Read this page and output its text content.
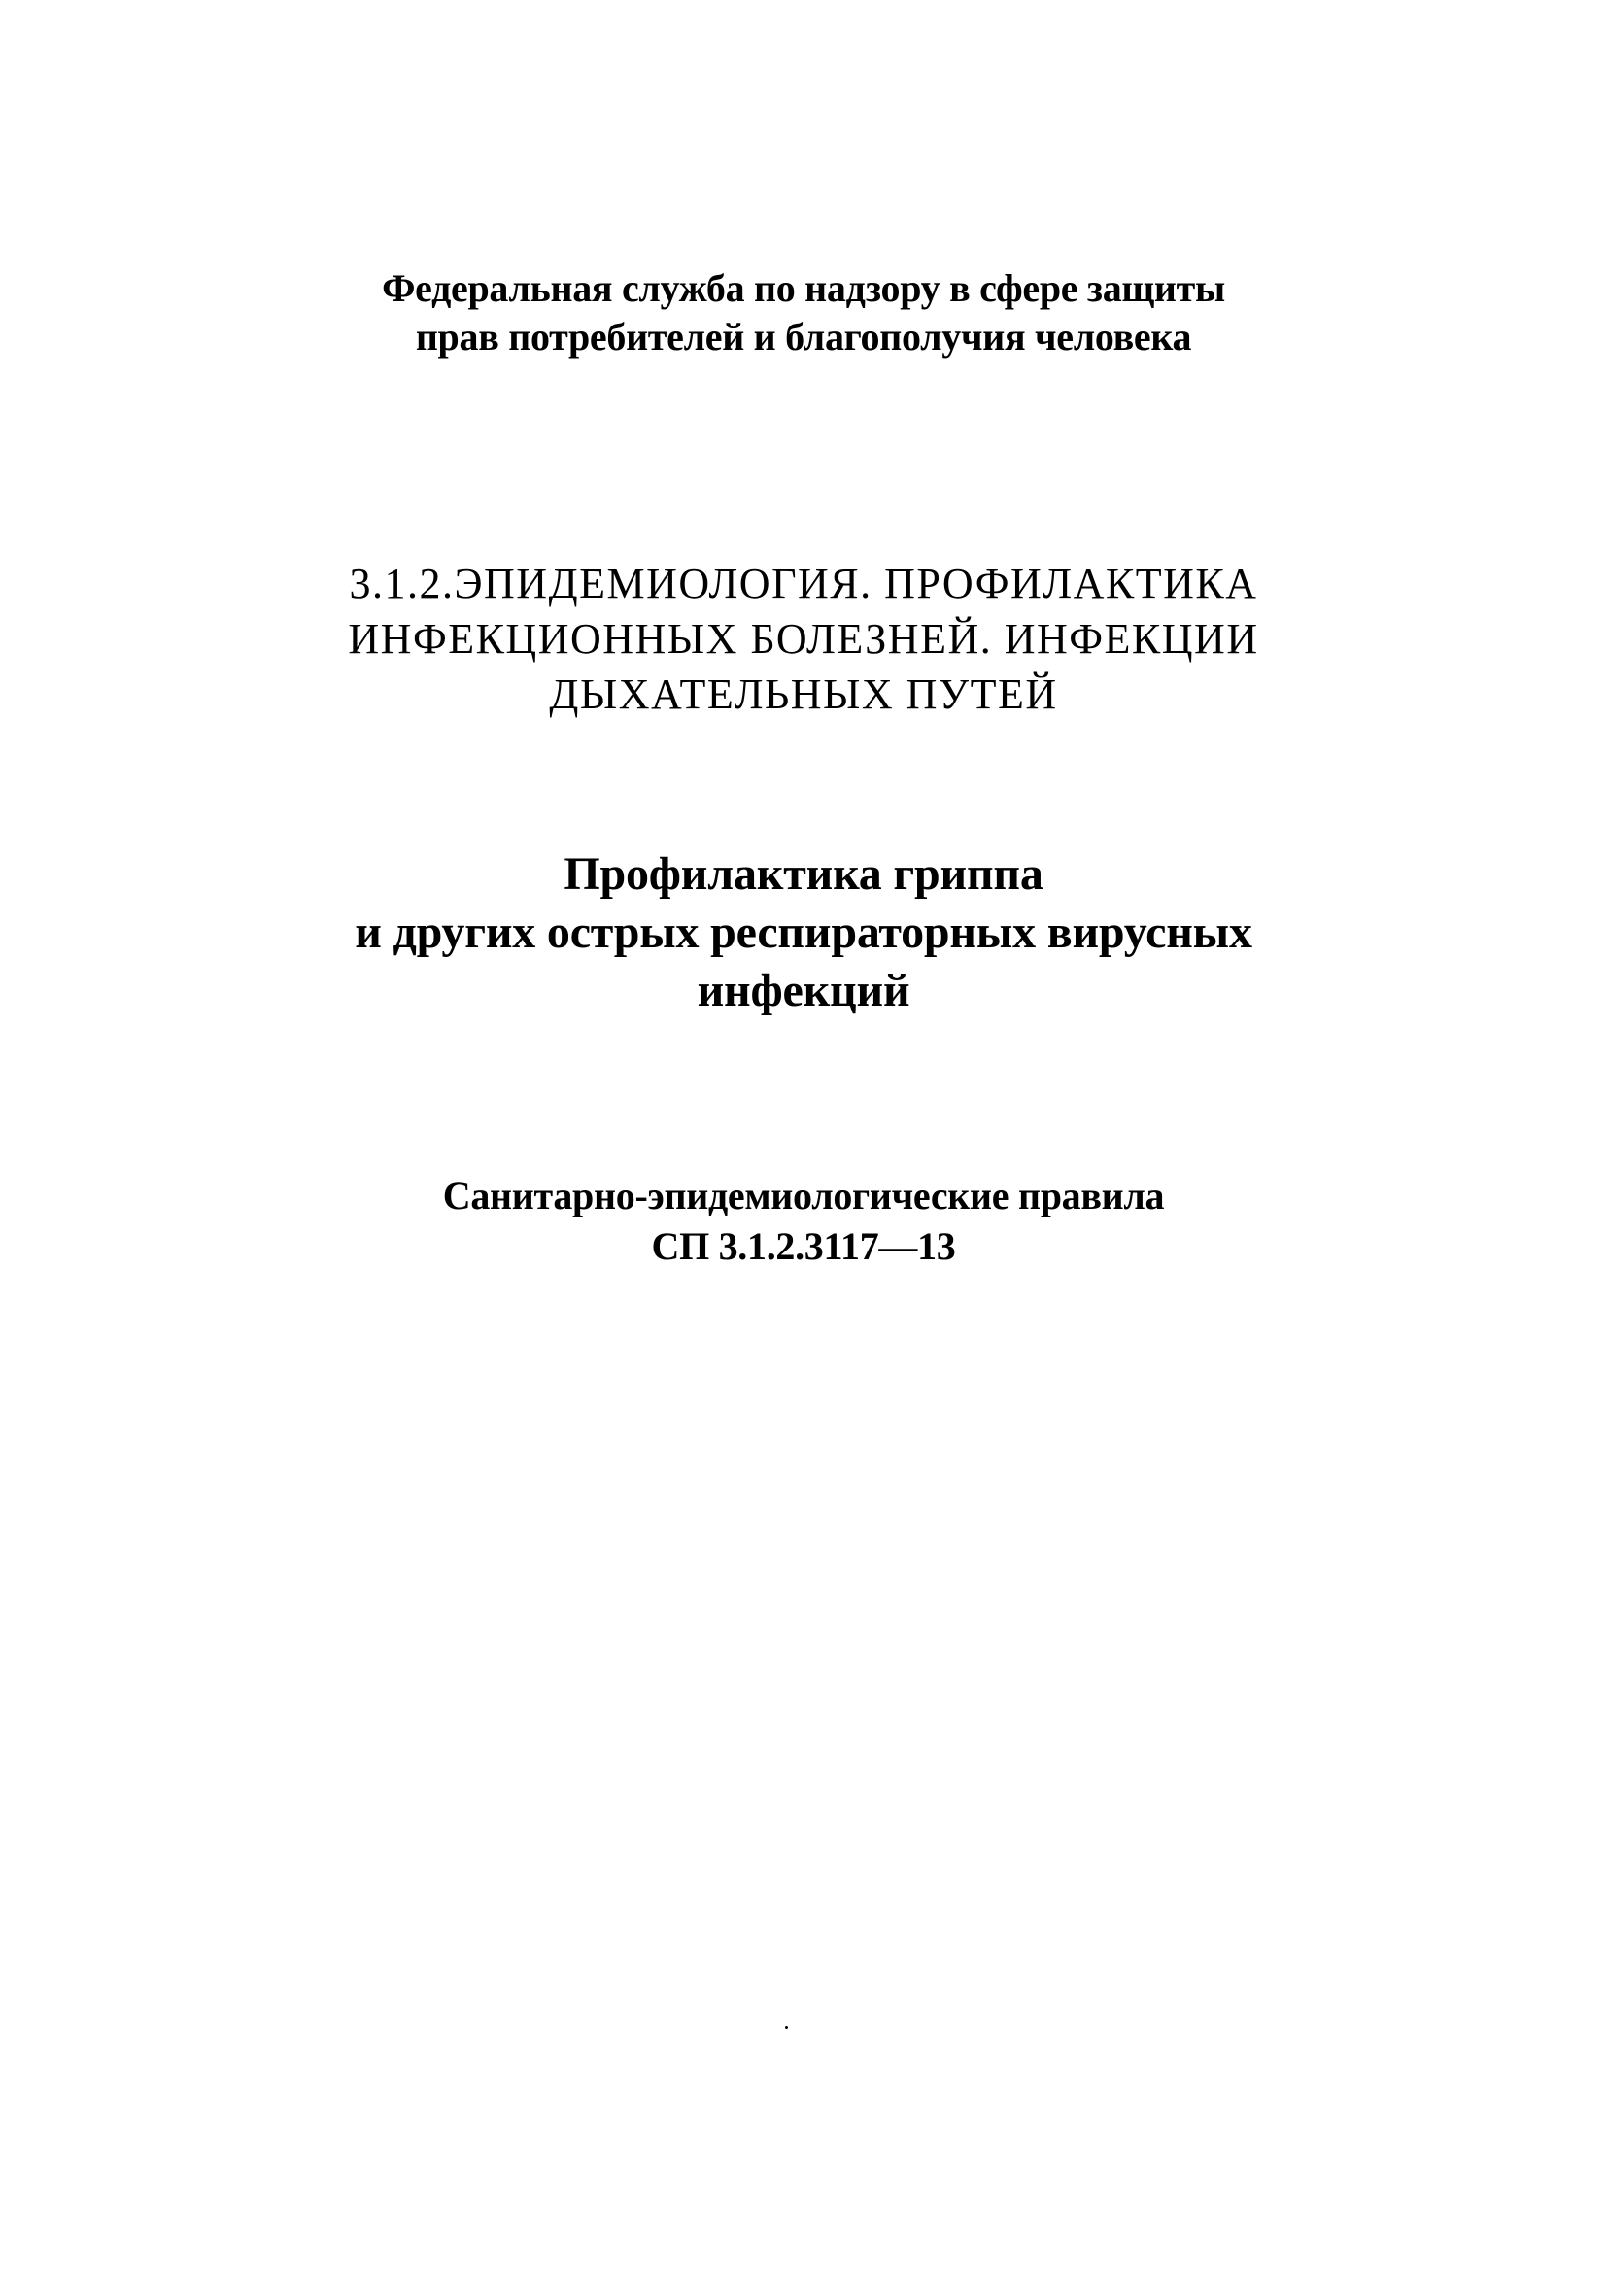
Федеральная служба по надзору в сфере защиты
прав потребителей и благополучия человека
3.1.2.ЭПИДЕМИОЛОГИЯ. ПРОФИЛАКТИКА
ИНФЕКЦИОННЫХ БОЛЕЗНЕЙ. ИНФЕКЦИИ
ДЫХАТЕЛЬНЫХ ПУТЕЙ
Профилактика гриппа
и других острых респираторных вирусных
инфекций
Санитарно-эпидемиологические правила
СП 3.1.2.3117—13
